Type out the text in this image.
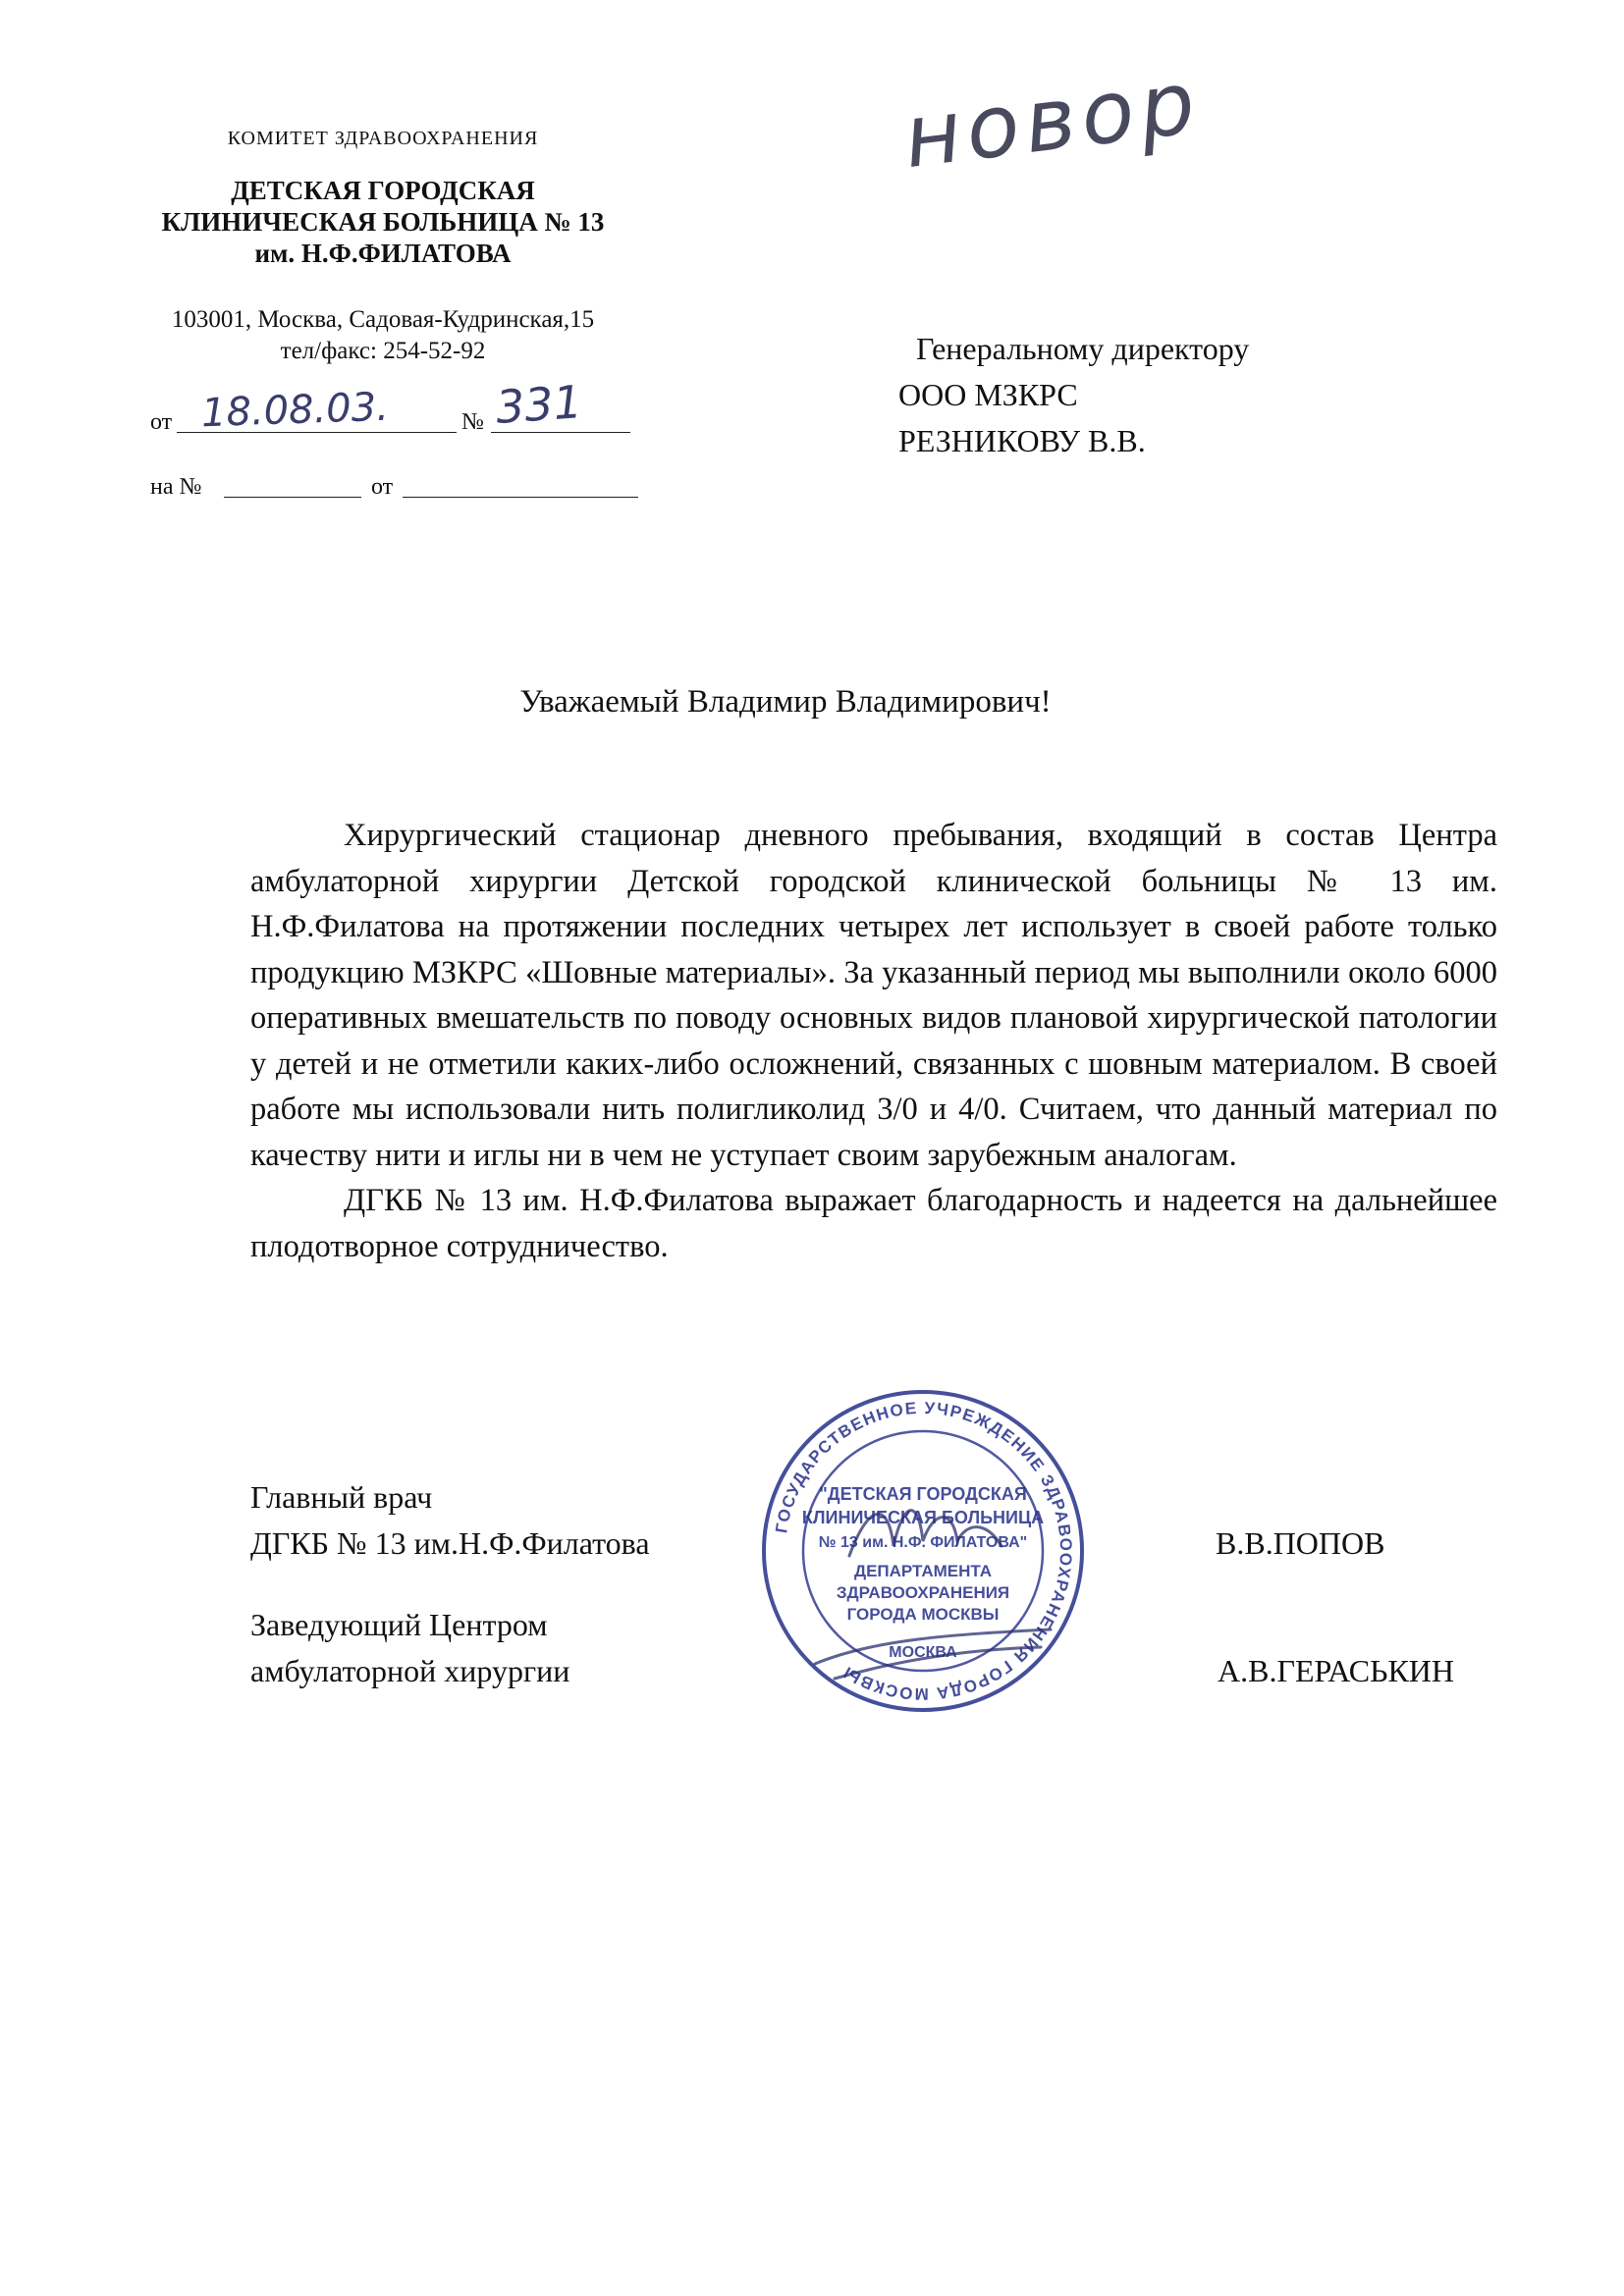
КОМИТЕТ ЗДРАВООХРАНЕНИЯ
ДЕТСКАЯ ГОРОДСКАЯ
КЛИНИЧЕСКАЯ БОЛЬНИЦА № 13
им. Н.Ф.ФИЛАТОВА
103001, Москва, Садовая-Кудринская,15
тел/факс: 254-52-92
от 18.08.03.	№ 331
на №	от
новор
Генеральному директору
ООО МЗКРС
РЕЗНИКОВУ В.В.
Уважаемый Владимир Владимирович!

Хирургический стационар дневного пребывания, входящий в состав Центра амбулаторной хирургии Детской городской клинической больницы № 13 им. Н.Ф.Филатова на протяжении последних четырех лет использует в своей работе только продукцию МЗКРС «Шовные материалы». За указанный период мы выполнили около 6000 оперативных вмешательств по поводу основных видов плановой хирургической патологии у детей и не отметили каких-либо осложнений, связанных с шовным материалом. В своей работе мы использовали нить полигликолид 3/0 и 4/0. Считаем, что данный материал по качеству нити и иглы ни в чем не уступает своим зарубежным аналогам.

ДГКБ № 13 им. Н.Ф.Филатова выражает благодарность и надеется на дальнейшее плодотворное сотрудничество.

Главный врач
ДГКБ № 13 им.Н.Ф.Филатова	В.В.ПОПОВ
Заведующий Центром
амбулаторной хирургии	А.В.ГЕРАСЬКИН
ГОСУДАРСТВЕННОЕ УЧРЕЖДЕНИЕ ЗДРАВООХРАНЕНИЯ ГОРОДА МОСКВЫ
"ДЕТСКАЯ ГОРОДСКАЯ
КЛИНИЧЕСКАЯ БОЛЬНИЦА
№ 13 им. Н.Ф. ФИЛАТОВА"
ДЕПАРТАМЕНТА
ЗДРАВООХРАНЕНИЯ
ГОРОДА МОСКВЫ
МОСКВА
